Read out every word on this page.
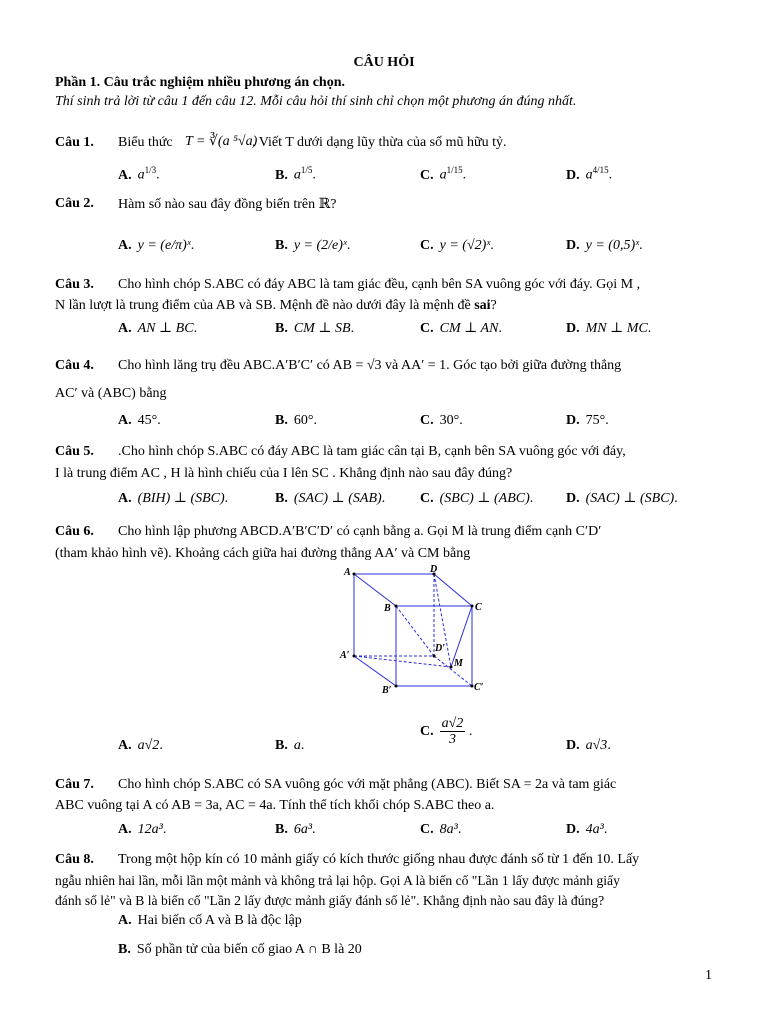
CÂU HỎI
Phần 1. Câu trắc nghiệm nhiều phương án chọn.
Thí sinh trả lời từ câu 1 đến câu 12. Mỗi câu hỏi thí sinh chỉ chọn một phương án đúng nhất.
Câu 1. Biểu thức T = ∛(a ⁵√a)
. Viết T dưới dạng lũy thừa của số mũ hữu tỷ.
A. $a^{1/3}$.	B. $a^{1/5}$.	C. $a^{1/15}$.	D. $a^{4/15}$.
Câu 2. Hàm số nào sau đây đồng biến trên ℝ?
A. y = (e/π)ˣ.	B. y = (2/e)ˣ.	C. y = (√2)ˣ.	D. y = (0,5)ˣ.
Câu 3. Cho hình chóp S.ABC có đáy ABC là tam giác đều, cạnh bên SA vuông góc với đáy. Gọi M ,
N lần lượt là trung điểm của AB và SB. Mệnh đề nào dưới đây là mệnh đề sai?
A. AN ⊥ BC.	B. CM ⊥ SB.	C. CM ⊥ AN.	D. MN ⊥ MC.
Câu 4. Cho hình lăng trụ đều ABC.A′B′C′ có AB = √3 và AA′ = 1. Góc tạo bởi giữa đường thẳng
AC′ và (ABC) bằng
A. 45°.	B. 60°.	C. 30°.	D. 75°.
Câu 5. .Cho hình chóp S.ABC có đáy ABC là tam giác cân tại B, cạnh bên SA vuông góc với đáy,
I là trung điểm AC , H là hình chiếu của I lên SC . Khẳng định nào sau đây đúng?
A. (BIH) ⊥ (SBC).	B. (SAC) ⊥ (SAB). C. (SBC) ⊥ (ABC). D. (SAC) ⊥ (SBC).
Câu 6. Cho hình lập phương ABCD.A′B′C′D′ có cạnh bằng a. Gọi M là trung điểm cạnh C′D′
(tham khảo hình vẽ). Khoảng cách giữa hai đường thẳng AA′ và CM bằng
A	D
B	C
A′
D′
M
B′	C′
A. a√2.	B. a.
C. $\frac{a√2}{3}$ .
D. a√3.
Câu 7. Cho hình chóp S.ABC có SA vuông góc với mặt phẳng (ABC). Biết SA = 2a và tam giác
ABC vuông tại A có AB = 3a, AC = 4a. Tính thể tích khối chóp S.ABC theo a.
A. 12a³.	B. 6a³.	C. 8a³.	D. 4a³.
Câu 8. Trong một hộp kín có 10 mảnh giấy có kích thước giống nhau được đánh số từ 1 đến 10. Lấy
ngẫu nhiên hai lần, mỗi lần một mảnh và không trả lại hộp. Gọi A là biến cố "Lần 1 lấy được mảnh giấy
đánh số lẻ" và B là biến cố "Lần 2 lấy được mảnh giấy đánh số lẻ". Khẳng định nào sau đây là đúng?
A. Hai biến cố A và B là độc lập
B. Số phần tử của biến cố giao A ∩ B là 20
1
